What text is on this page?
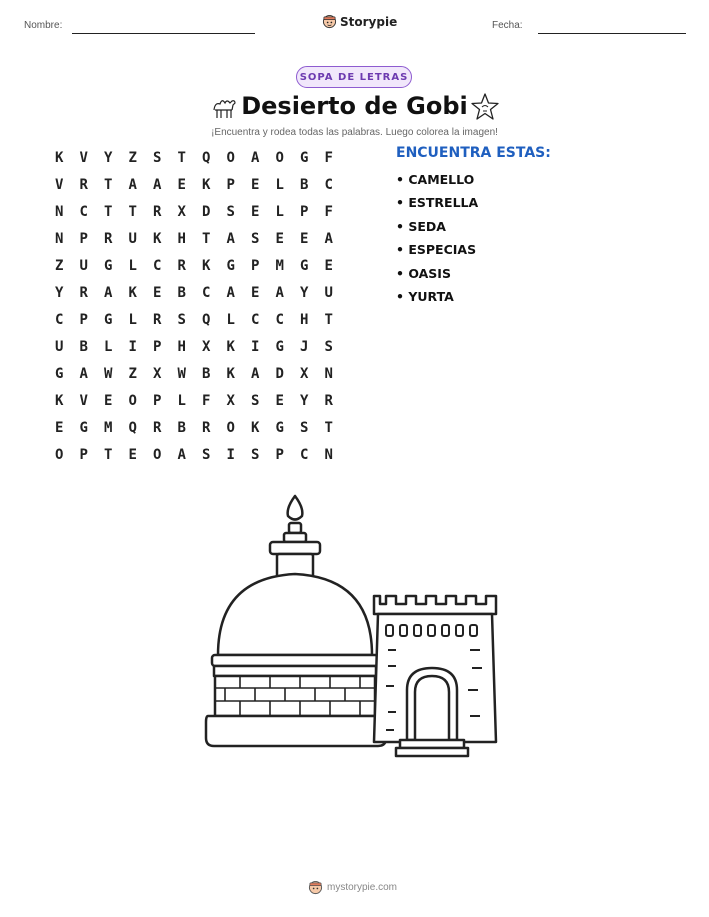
Nombre:	Storypie	Fecha:
SOPA DE LETRAS
Desierto de Gobi
¡Encuentra y rodea todas las palabras. Luego colorea la imagen!
K	V	Y	Z	S	T	Q	O	A	O	G	F
V	R	T	A	A	E	K	P	E	L	B	C
N	C	T	T	R	X	D	S	E	L	P	F
N	P	R	U	K	H	T	A	S	E	E	A
Z	U	G	L	C	R	K	G	P	M	G	E
Y	R	A	K	E	B	C	A	E	A	Y	U
C	P	G	L	R	S	Q	L	C	C	H	T
U	B	L	I	P	H	X	K	I	G	J	S
G	A	W	Z	X	W	B	K	A	D	X	N
K	V	E	O	P	L	F	X	S	E	Y	R
E	G	M	Q	R	B	R	O	K	G	S	T
O	P	T	E	O	A	S	I	S	P	C	N
ENCUENTRA ESTAS:
• CAMELLO
• ESTRELLA
• SEDA
• ESPECIAS
• OASIS
• YURTA
mystorypie.com
